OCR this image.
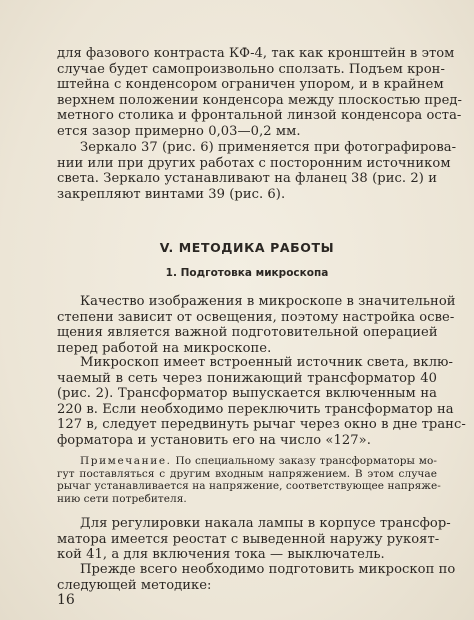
для фазового контраста КФ-4, так как кронштейн в этом
случае будет самопроизвольно сползать. Подъем крон-
штейна с конденсором ограничен упором, и в крайнем
верхнем положении конденсора между плоскостью пред-
метного столика и фронтальной линзой конденсора оста-
ется зазор примерно 0,03—0,2 мм.
Зеркало 37 (рис. 6) применяется при фотографирова-
нии или при других работах с посторонним источником
света. Зеркало устанавливают на фланец 38 (рис. 2) и
закрепляют винтами 39 (рис. 6).
V. МЕТОДИКА РАБОТЫ
1. Подготовка микроскопа
Качество изображения в микроскопе в значительной
степени зависит от освещения, поэтому настройка осве-
щения является важной подготовительной операцией
перед работой на микроскопе.
Микроскоп имеет встроенный источник света, вклю-
чаемый в сеть через понижающий трансформатор 40
(рис. 2). Трансформатор выпускается включенным на
220 в. Если необходимо переключить трансформатор на
127 в, следует передвинуть рычаг через окно в дне транс-
форматора и установить его на число «127».
Примечание. По специальному заказу трансформаторы мо-
гут поставляться с другим входным напряжением. В этом случае
рычаг устанавливается на напряжение, соответствующее напряже-
нию сети потребителя.
Для регулировки накала лампы в корпусе трансфор-
матора имеется реостат с выведенной наружу рукоят-
кой 41, а для включения тока — выключатель.
Прежде всего необходимо подготовить микроскоп по
следующей методике:
16
